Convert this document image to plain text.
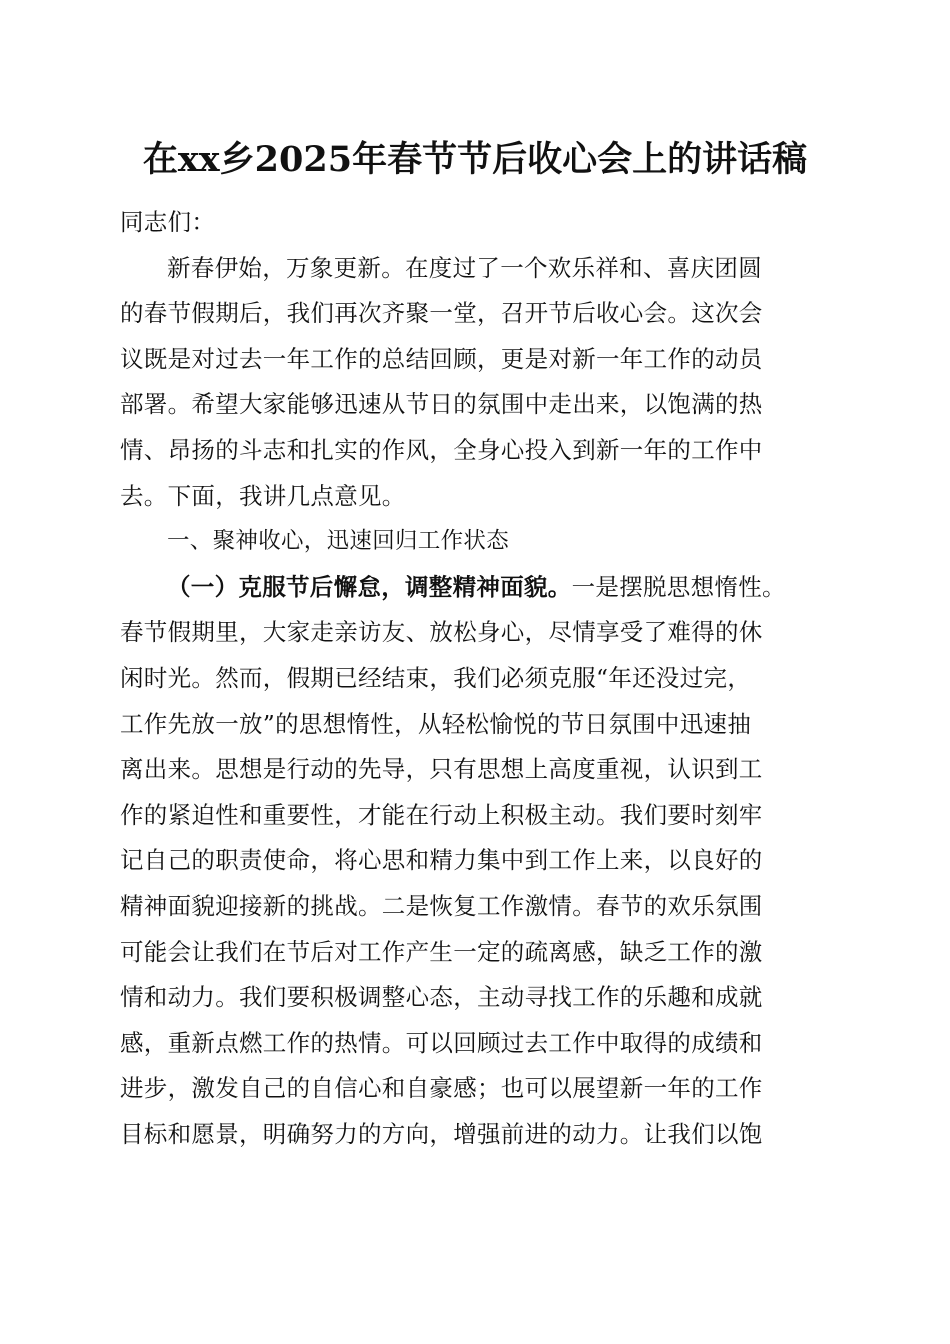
在xx乡2025年春节节后收心会上的讲话稿
同志们：
新春伊始，万象更新。在度过了一个欢乐祥和、喜庆团圆
的春节假期后，我们再次齐聚一堂，召开节后收心会。这次会
议既是对过去一年工作的总结回顾，更是对新一年工作的动员
部署。希望大家能够迅速从节日的氛围中走出来，以饱满的热
情、昂扬的斗志和扎实的作风，全身心投入到新一年的工作中
去。下面，我讲几点意见。
一、聚神收心，迅速回归工作状态
（一）克服节后懈怠，调整精神面貌。一是摆脱思想惰性。
春节假期里，大家走亲访友、放松身心，尽情享受了难得的休
闲时光。然而，假期已经结束，我们必须克服“年还没过完，
工作先放一放”的思想惰性，从轻松愉悦的节日氛围中迅速抽
离出来。思想是行动的先导，只有思想上高度重视，认识到工
作的紧迫性和重要性，才能在行动上积极主动。我们要时刻牢
记自己的职责使命，将心思和精力集中到工作上来，以良好的
精神面貌迎接新的挑战。二是恢复工作激情。春节的欢乐氛围
可能会让我们在节后对工作产生一定的疏离感，缺乏工作的激
情和动力。我们要积极调整心态，主动寻找工作的乐趣和成就
感，重新点燃工作的热情。可以回顾过去工作中取得的成绩和
进步，激发自己的自信心和自豪感；也可以展望新一年的工作
目标和愿景，明确努力的方向，增强前进的动力。让我们以饱
